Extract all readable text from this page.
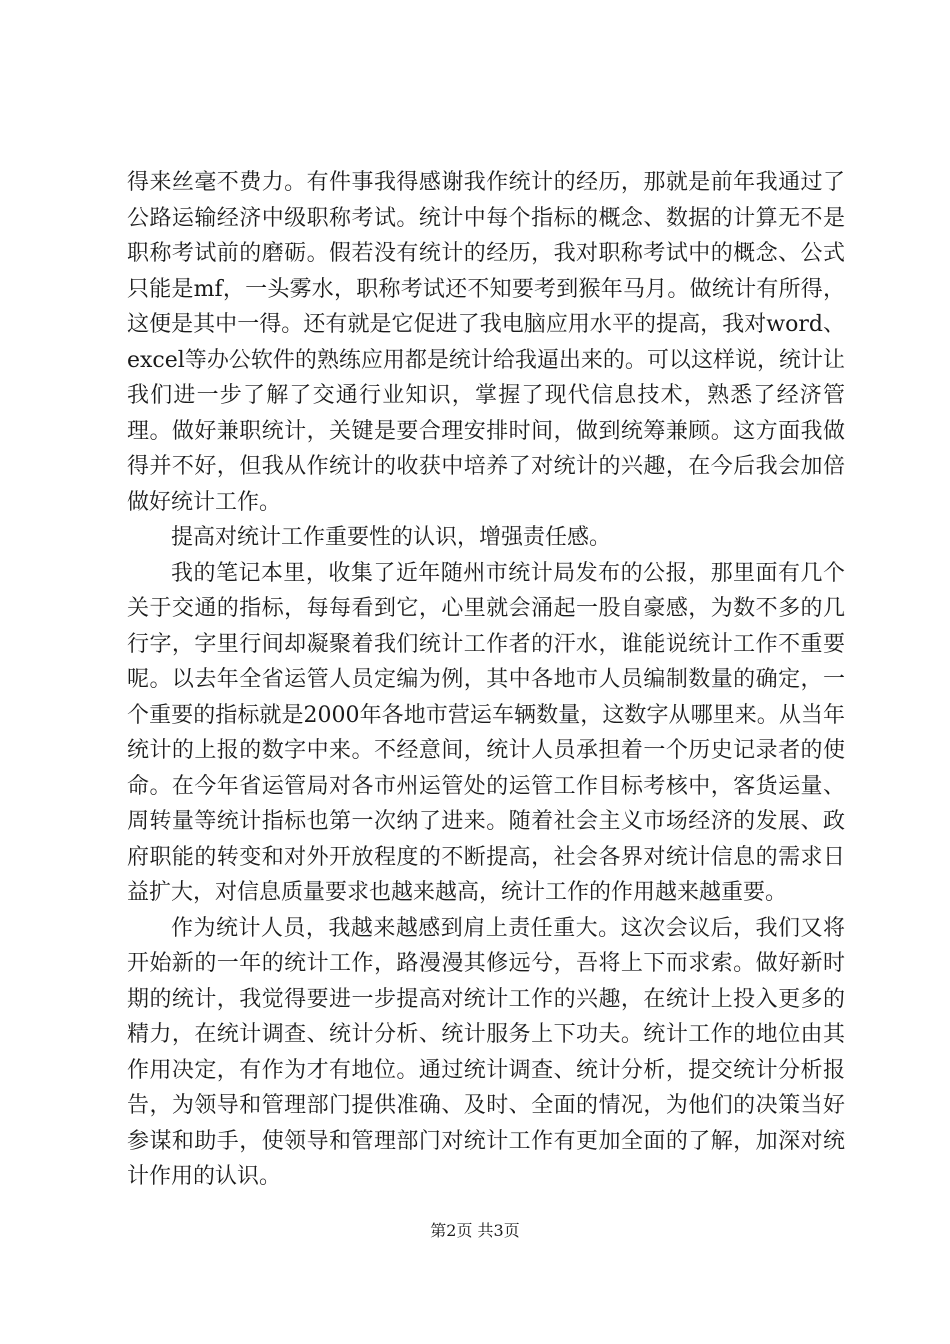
得来丝毫不费力。有件事我得感谢我作统计的经历，那就是前年我通过了公路运输经济中级职称考试。统计中每个指标的概念、数据的计算无不是职称考试前的磨砺。假若没有统计的经历，我对职称考试中的概念、公式只能是mf，一头雾水，职称考试还不知要考到猴年马月。做统计有所得，这便是其中一得。还有就是它促进了我电脑应用水平的提高，我对word、excel等办公软件的熟练应用都是统计给我逼出来的。可以这样说，统计让我们进一步了解了交通行业知识，掌握了现代信息技术，熟悉了经济管理。做好兼职统计，关键是要合理安排时间，做到统筹兼顾。这方面我做得并不好，但我从作统计的收获中培养了对统计的兴趣，在今后我会加倍做好统计工作。

提高对统计工作重要性的认识，增强责任感。

我的笔记本里，收集了近年随州市统计局发布的公报，那里面有几个关于交通的指标，每每看到它，心里就会涌起一股自豪感，为数不多的几行字，字里行间却凝聚着我们统计工作者的汗水，谁能说统计工作不重要呢。以去年全省运管人员定编为例，其中各地市人员编制数量的确定，一个重要的指标就是2000年各地市营运车辆数量，这数字从哪里来。从当年统计的上报的数字中来。不经意间，统计人员承担着一个历史记录者的使命。在今年省运管局对各市州运管处的运管工作目标考核中，客货运量、周转量等统计指标也第一次纳了进来。随着社会主义市场经济的发展、政府职能的转变和对外开放程度的不断提高，社会各界对统计信息的需求日益扩大，对信息质量要求也越来越高，统计工作的作用越来越重要。

作为统计人员，我越来越感到肩上责任重大。这次会议后，我们又将开始新的一年的统计工作，路漫漫其修远兮，吾将上下而求索。做好新时期的统计，我觉得要进一步提高对统计工作的兴趣，在统计上投入更多的精力，在统计调查、统计分析、统计服务上下功夫。统计工作的地位由其作用决定，有作为才有地位。通过统计调查、统计分析，提交统计分析报告，为领导和管理部门提供准确、及时、全面的情况，为他们的决策当好参谋和助手，使领导和管理部门对统计工作有更加全面的了解，加深对统计作用的认识。

第2页 共3页
